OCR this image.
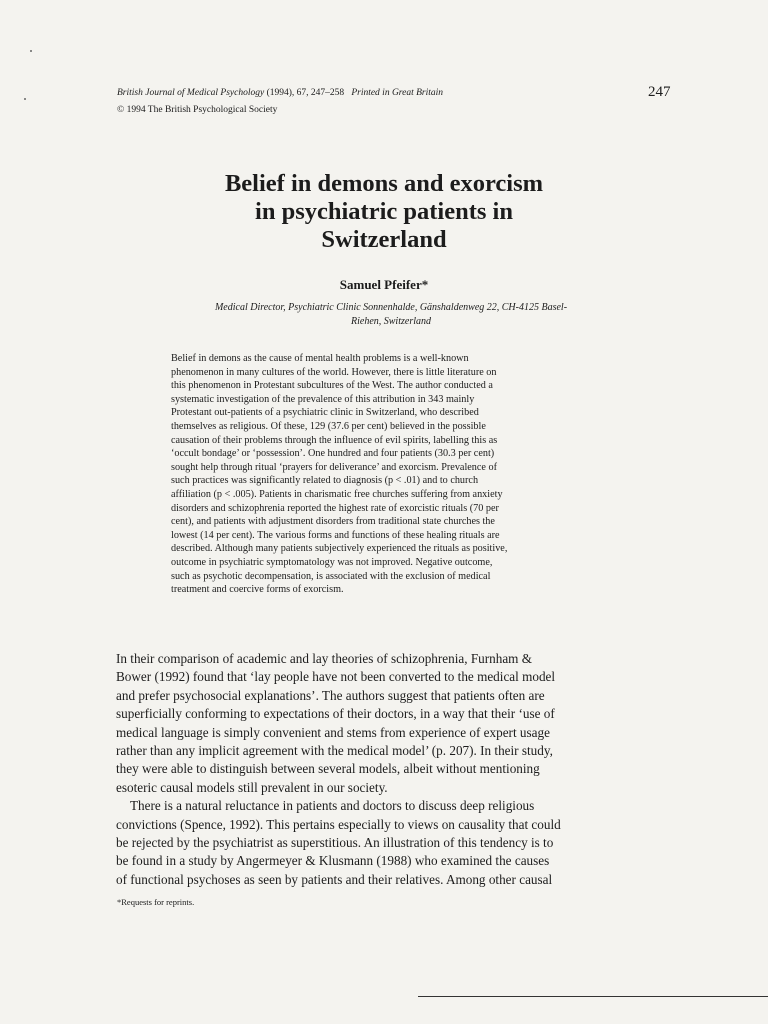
British Journal of Medical Psychology (1994), 67, 247–258 Printed in Great Britain
© 1994 The British Psychological Society
247
Belief in demons and exorcism
in psychiatric patients in
Switzerland
Samuel Pfeifer*
Medical Director, Psychiatric Clinic Sonnenhalde, Gänshaldenweg 22, CH-4125 Basel-
Riehen, Switzerland
Belief in demons as the cause of mental health problems is a well-known
phenomenon in many cultures of the world. However, there is little literature on
this phenomenon in Protestant subcultures of the West. The author conducted a
systematic investigation of the prevalence of this attribution in 343 mainly
Protestant out-patients of a psychiatric clinic in Switzerland, who described
themselves as religious. Of these, 129 (37.6 per cent) believed in the possible
causation of their problems through the influence of evil spirits, labelling this as
‘occult bondage’ or ‘possession’. One hundred and four patients (30.3 per cent)
sought help through ritual ‘prayers for deliverance’ and exorcism. Prevalence of
such practices was significantly related to diagnosis (p < .01) and to church
affiliation (p < .005). Patients in charismatic free churches suffering from anxiety
disorders and schizophrenia reported the highest rate of exorcistic rituals (70 per
cent), and patients with adjustment disorders from traditional state churches the
lowest (14 per cent). The various forms and functions of these healing rituals are
described. Although many patients subjectively experienced the rituals as positive,
outcome in psychiatric symptomatology was not improved. Negative outcome,
such as psychotic decompensation, is associated with the exclusion of medical
treatment and coercive forms of exorcism.
In their comparison of academic and lay theories of schizophrenia, Furnham &
Bower (1992) found that ‘lay people have not been converted to the medical model
and prefer psychosocial explanations’. The authors suggest that patients often are
superficially conforming to expectations of their doctors, in a way that their ‘use of
medical language is simply convenient and stems from experience of expert usage
rather than any implicit agreement with the medical model’ (p. 207). In their study,
they were able to distinguish between several models, albeit without mentioning
esoteric causal models still prevalent in our society.
There is a natural reluctance in patients and doctors to discuss deep religious
convictions (Spence, 1992). This pertains especially to views on causality that could
be rejected by the psychiatrist as superstitious. An illustration of this tendency is to
be found in a study by Angermeyer & Klusmann (1988) who examined the causes
of functional psychoses as seen by patients and their relatives. Among other causal
*Requests for reprints.
